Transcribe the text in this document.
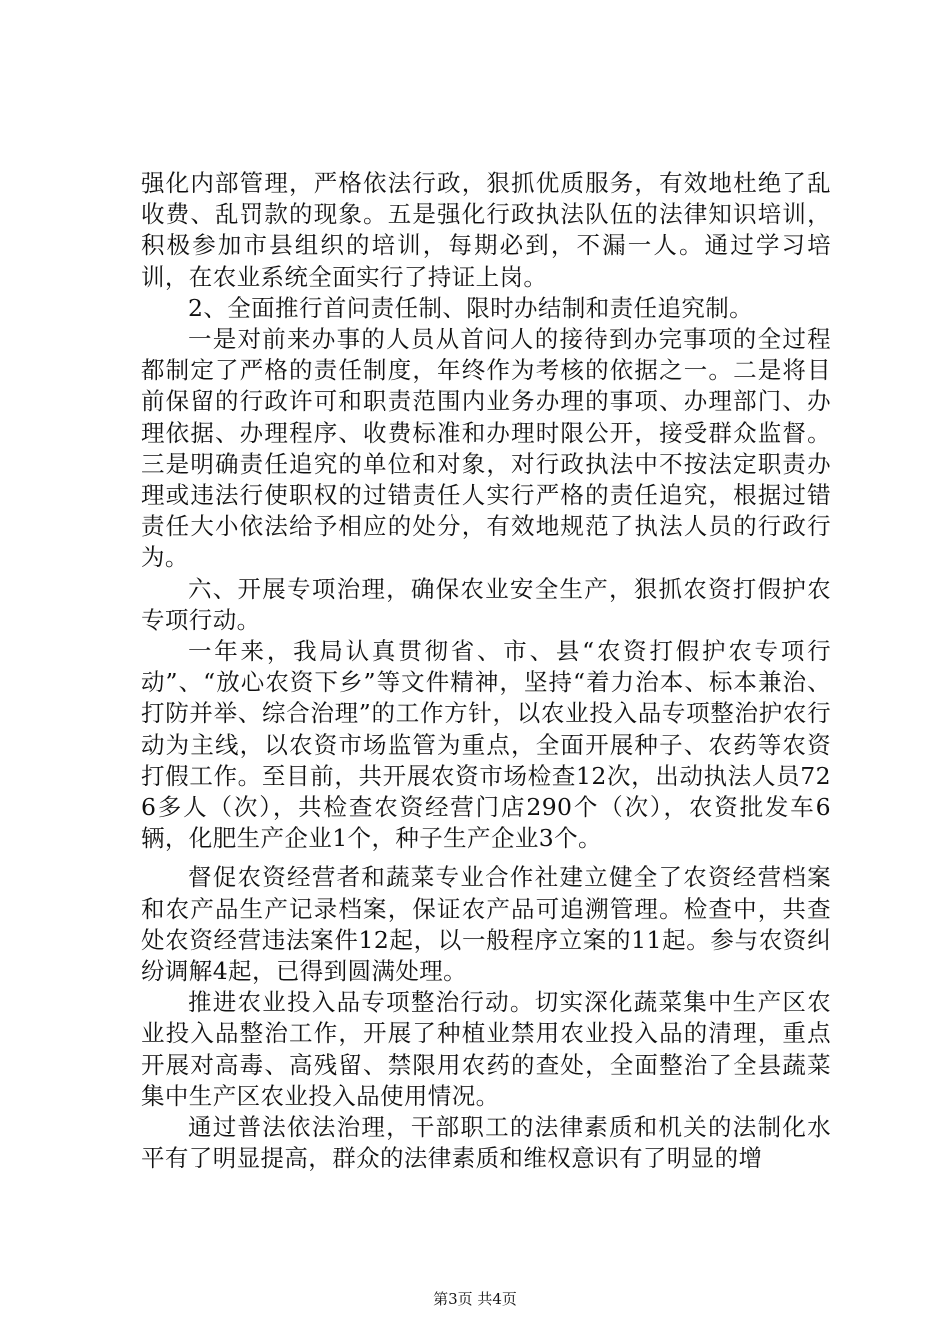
强化内部管理，严格依法行政，狠抓优质服务，有效地杜绝了乱收费、乱罚款的现象。五是强化行政执法队伍的法律知识培训，积极参加市县组织的培训，每期必到，不漏一人。通过学习培训，在农业系统全面实行了持证上岗。

2、全面推行首问责任制、限时办结制和责任追究制。

一是对前来办事的人员从首问人的接待到办完事项的全过程都制定了严格的责任制度，年终作为考核的依据之一。二是将目前保留的行政许可和职责范围内业务办理的事项、办理部门、办理依据、办理程序、收费标准和办理时限公开，接受群众监督。三是明确责任追究的单位和对象，对行政执法中不按法定职责办理或违法行使职权的过错责任人实行严格的责任追究，根据过错责任大小依法给予相应的处分，有效地规范了执法人员的行政行为。

六、开展专项治理，确保农业安全生产，狠抓农资打假护农专项行动。

一年来，我局认真贯彻省、市、县“农资打假护农专项行动”、“放心农资下乡”等文件精神，坚持“着力治本、标本兼治、打防并举、综合治理”的工作方针，以农业投入品专项整治护农行动为主线，以农资市场监管为重点，全面开展种子、农药等农资打假工作。至目前，共开展农资市场检查12次，出动执法人员726多人（次），共检查农资经营门店290个（次），农资批发车6辆，化肥生产企业1个，种子生产企业3个。

督促农资经营者和蔬菜专业合作社建立健全了农资经营档案和农产品生产记录档案，保证农产品可追溯管理。检查中，共查处农资经营违法案件12起，以一般程序立案的11起。参与农资纠纷调解4起，已得到圆满处理。

推进农业投入品专项整治行动。切实深化蔬菜集中生产区农业投入品整治工作，开展了种植业禁用农业投入品的清理，重点开展对高毒、高残留、禁限用农药的查处，全面整治了全县蔬菜集中生产区农业投入品使用情况。

通过普法依法治理，干部职工的法律素质和机关的法制化水平有了明显提高，群众的法律素质和维权意识有了明显的增

第3页 共4页
